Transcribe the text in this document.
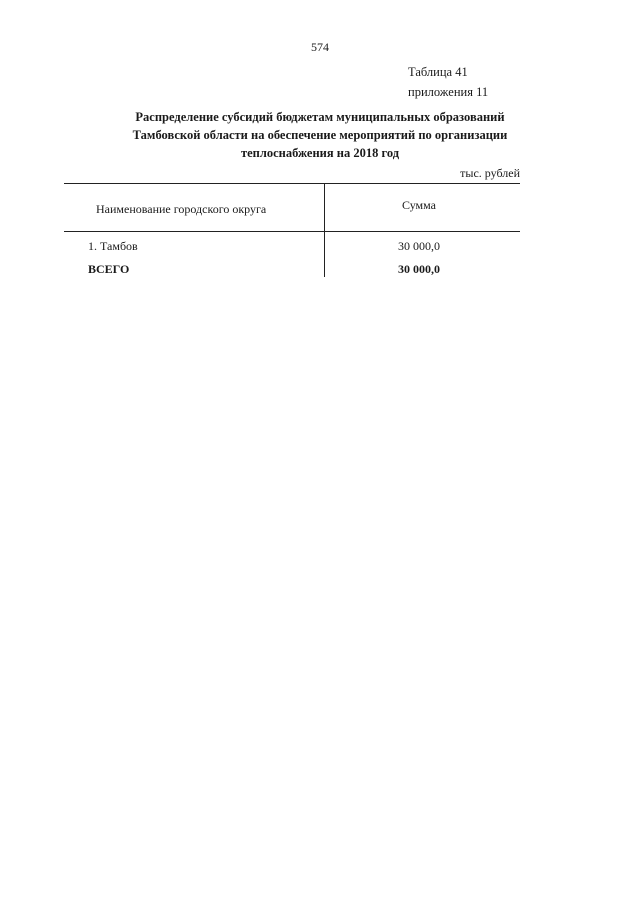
574
Таблица 41
приложения 11
Распределение субсидий бюджетам муниципальных образований
Тамбовской области на обеспечение мероприятий по организации
теплоснабжения на 2018 год
тыс. рублей
Наименование городского округа	Сумма
1. Тамбов	30 000,0
ВСЕГО	30 000,0
